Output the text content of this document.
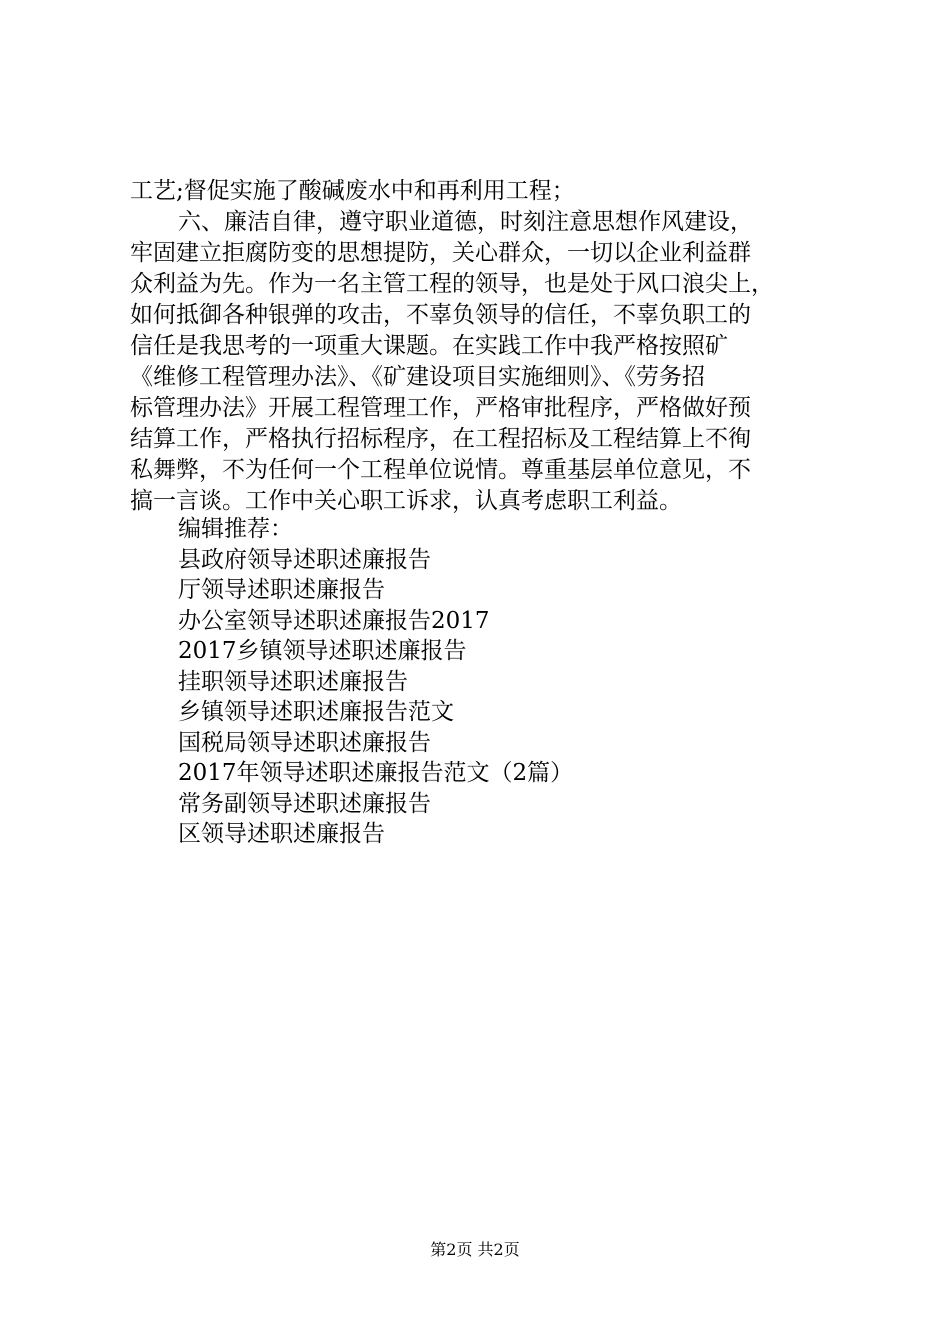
工艺;督促实施了酸碱废水中和再利用工程；
六、廉洁自律，遵守职业道德，时刻注意思想作风建设，
牢固建立拒腐防变的思想提防，关心群众，一切以企业利益群
众利益为先。作为一名主管工程的领导，也是处于风口浪尖上，
如何抵御各种银弹的攻击，不辜负领导的信任，不辜负职工的
信任是我思考的一项重大课题。在实践工作中我严格按照矿
《维修工程管理办法》、《矿建设项目实施细则》、《劳务招
标管理办法》开展工程管理工作，严格审批程序，严格做好预
结算工作，严格执行招标程序，在工程招标及工程结算上不徇
私舞弊，不为任何一个工程单位说情。尊重基层单位意见，不
搞一言谈。工作中关心职工诉求，认真考虑职工利益。
编辑推荐：
县政府领导述职述廉报告
厅领导述职述廉报告
办公室领导述职述廉报告2017
2017乡镇领导述职述廉报告
挂职领导述职述廉报告
乡镇领导述职述廉报告范文
国税局领导述职述廉报告
2017年领导述职述廉报告范文（2篇）
常务副领导述职述廉报告
区领导述职述廉报告
第2页 共2页
